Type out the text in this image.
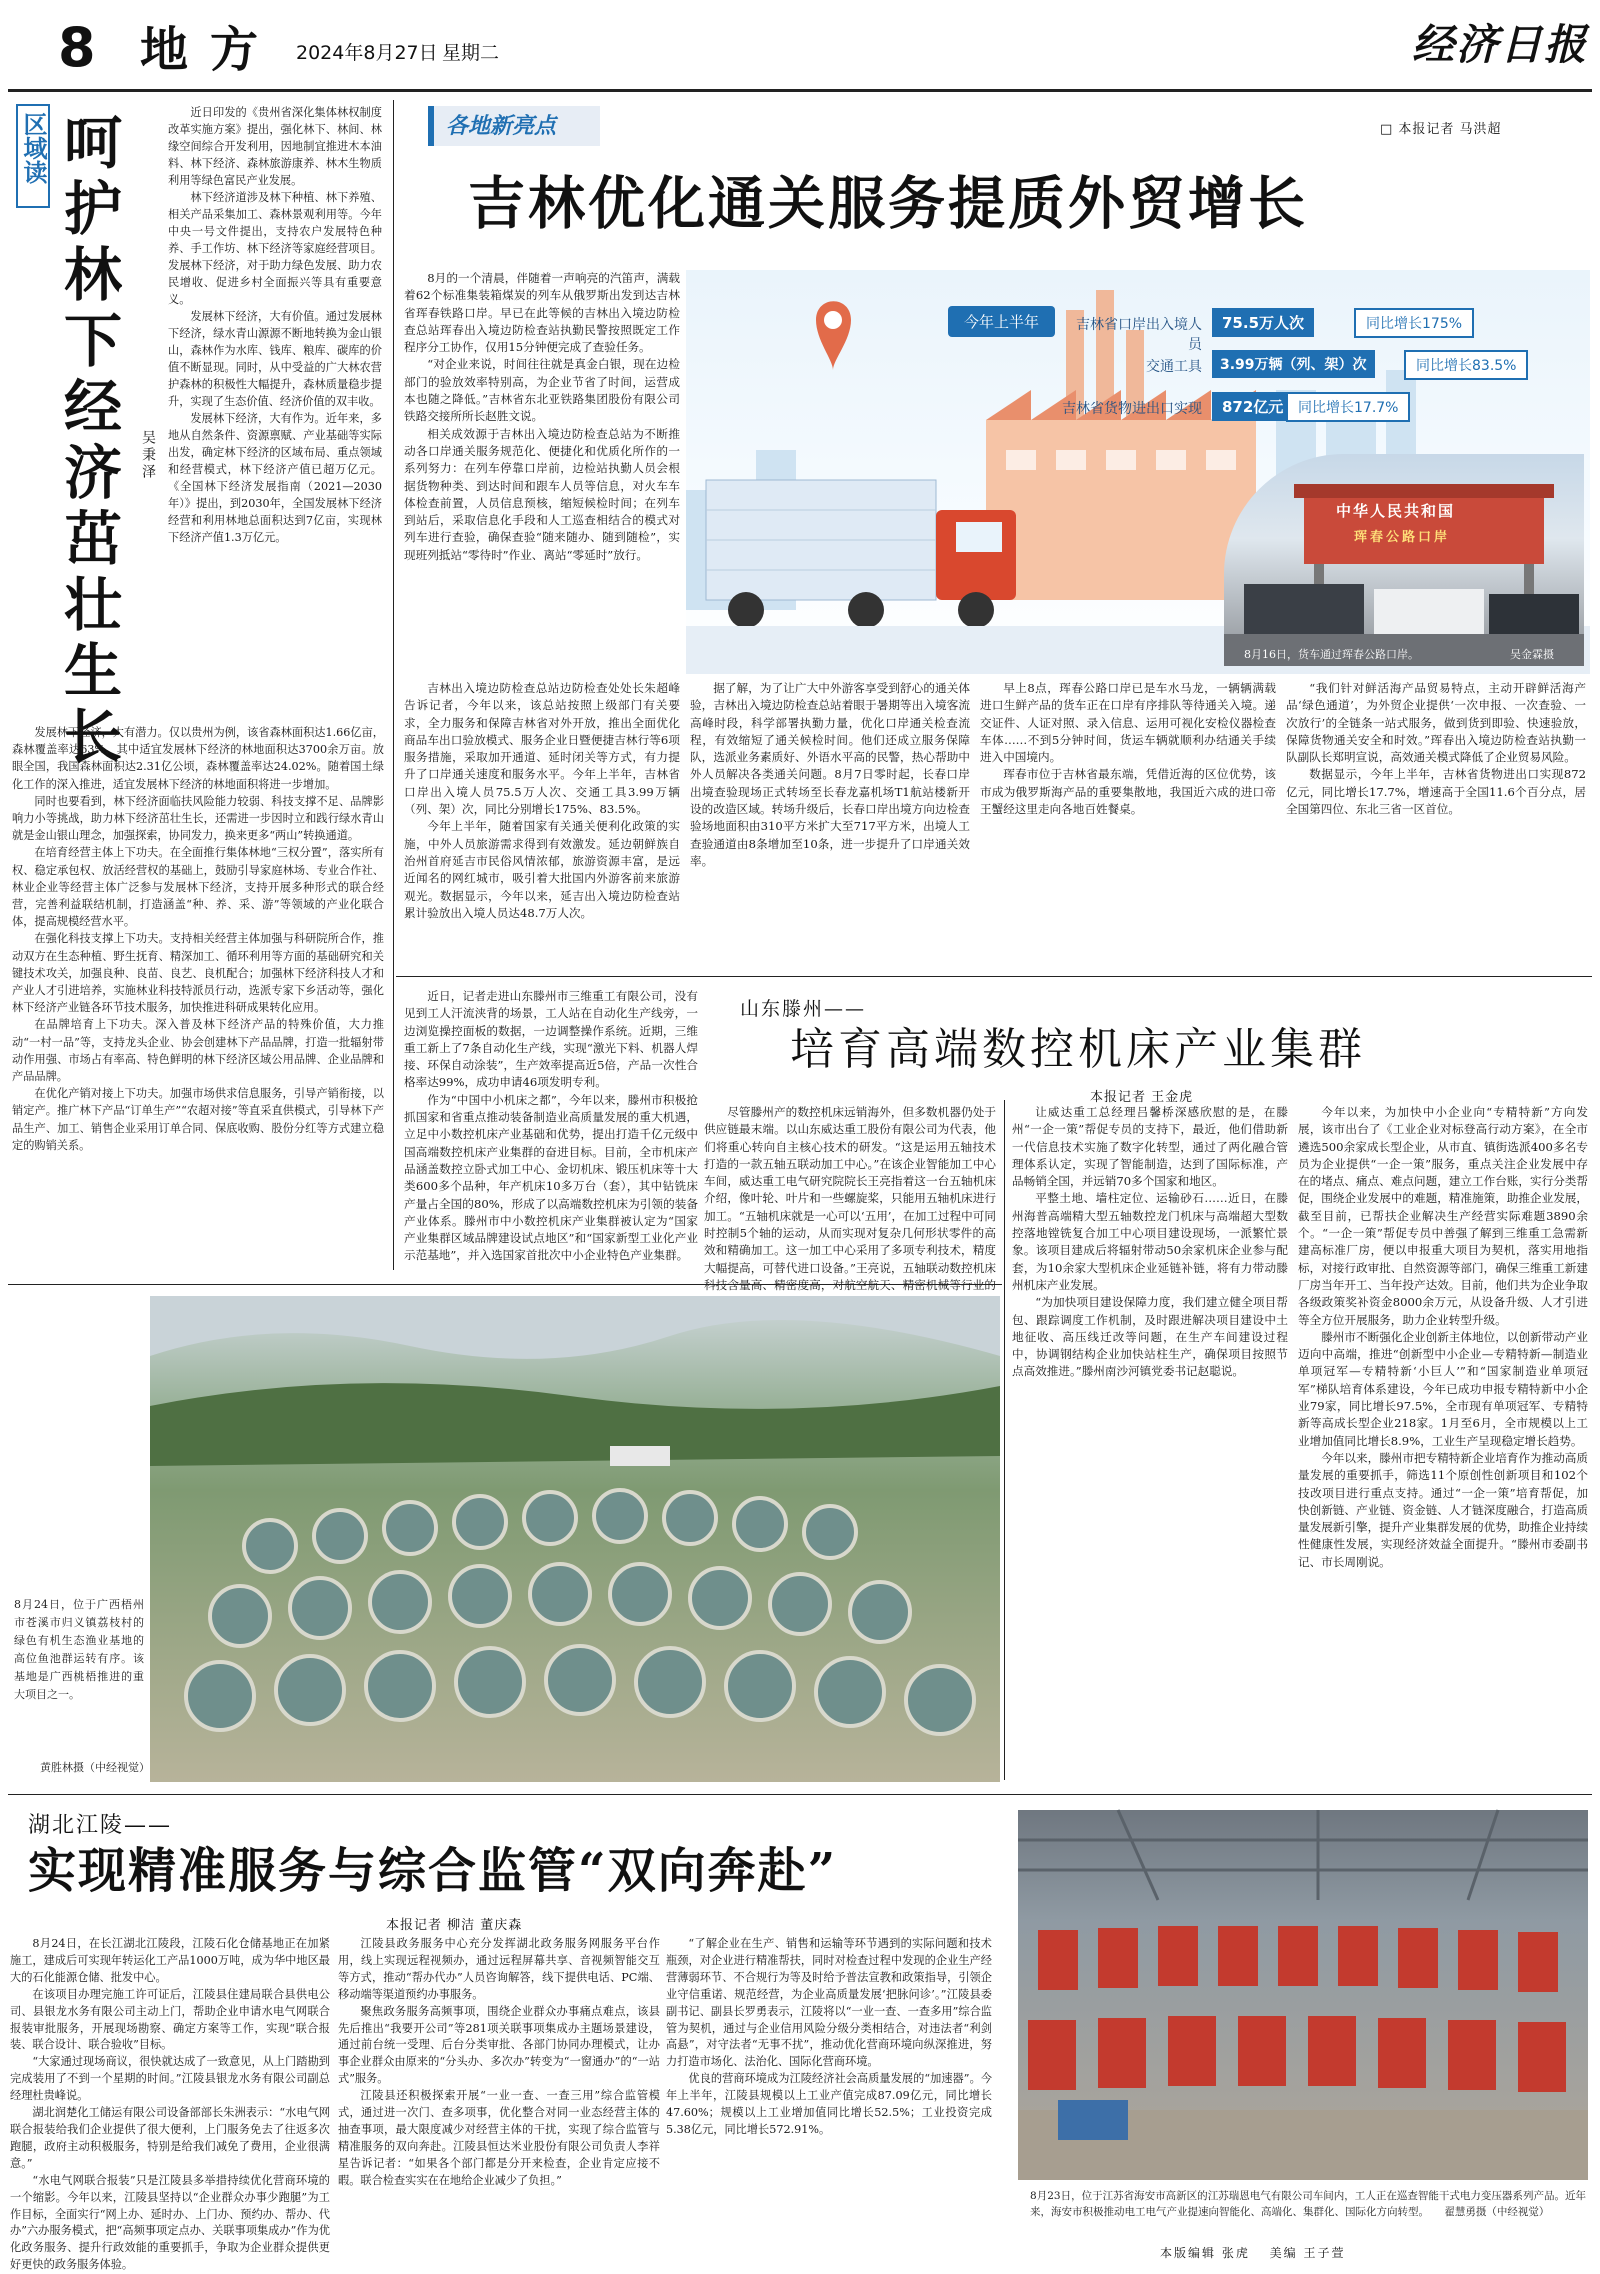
8 地方 2024年8月27日 星期二	经济日报
区域读 呵
护
林
下
经
济
茁
壮
生
长
吴秉泽

近日印发的《贵州省深化集体林权制度改革实施方案》提出，强化林下、林间、林缘空间综合开发利用，因地制宜推进木本油料、林下经济、森林旅游康养、林木生物质利用等绿色富民产业发展。

林下经济道涉及林下种植、林下养殖、相关产品采集加工、森林景观利用等。今年中央一号文件提出，支持农户发展特色种养、手工作坊、林下经济等家庭经营项目。发展林下经济，对于助力绿色发展、助力农民增收、促进乡村全面振兴等具有重要意义。

发展林下经济，大有价值。通过发展林下经济，绿水青山源源不断地转换为金山银山，森林作为水库、钱库、粮库、碳库的价值不断显现。同时，从中受益的广大林农营护森林的积极性大幅提升，森林质量稳步提升，实现了生态价值、经济价值的双丰收。

发展林下经济，大有作为。近年来，多地从自然条件、资源禀赋、产业基础等实际出发，确定林下经济的区域布局、重点领域和经营模式，林下经济产值已超万亿元。《全国林下经济发展指南（2021—2030年）》提出，到2030年，全国发展林下经济经营和利用林地总面积达到7亿亩，实现林下经济产值1.3万亿元。

发展林下经济，大有潜力。仅以贵州为例，该省森林面积达1.66亿亩，森林覆盖率达63%，其中适宜发展林下经济的林地面积达3700余万亩。放眼全国，我国森林面积达2.31亿公顷，森林覆盖率达24.02%。随着国土绿化工作的深入推进，适宜发展林下经济的林地面积将进一步增加。

同时也要看到，林下经济面临扶风险能力较弱、科技支撑不足、品牌影响力小等挑战，助力林下经济茁壮生长，还需进一步因时立和践行绿水青山就是金山银山理念，加强探索，协同发力，换来更多“两山”转换通道。

在培育经营主体上下功夫。在全面推行集体林地“三权分置”，落实所有权、稳定承包权、放活经营权的基础上，鼓励引导家庭林场、专业合作社、林业企业等经营主体广泛参与发展林下经济，支持开展多种形式的联合经营，完善利益联结机制，打造涵盖“种、养、采、游”等领域的产业化联合体，提高规模经营水平。

在强化科技支撑上下功夫。支持相关经营主体加强与科研院所合作，推动双方在生态种植、野生抚育、精深加工、循环利用等方面的基础研究和关键技术攻关，加强良种、良苗、良艺、良机配合；加强林下经济科技人才和产业人才引进培养，实施林业科技特派员行动，选派专家下乡活动等，强化林下经济产业链各环节技术服务，加快推进科研成果转化应用。

在品牌培育上下功夫。深入普及林下经济产品的特殊价值，大力推动“一村一品”等，支持龙头企业、协会创建林下产品品牌，打造一批辐射带动作用强、市场占有率高、特色鲜明的林下经济区域公用品牌、企业品牌和产品品牌。

在优化产销对接上下功夫。加强市场供求信息服务，引导产销衔接，以销定产。推广林下产品“订单生产”“农超对接”等直采直供模式，引导林下产品生产、加工、销售企业采用订单合同、保底收购、股份分红等方式建立稳定的购销关系。

各地新亮点	□ 本报记者 马洪超
吉林优化通关服务提质外贸增长

8月的一个清晨，伴随着一声响亮的汽笛声，满载着62个标准集装箱煤炭的列车从俄罗斯出发到达吉林省珲春铁路口岸。早已在此等候的吉林出入境边防检查总站珲春出入境边防检查站执勤民警按照既定工作程序分工协作，仅用15分钟便完成了查验任务。

“对企业来说，时间往往就是真金白银，现在边检部门的验放效率特别高，为企业节省了时间，运营成本也随之降低。”吉林省东北亚铁路集团股份有限公司铁路交接所所长赵胜文说。

相关成效源于吉林出入境边防检查总站为不断推动各口岸通关服务规范化、便捷化和优质化所作的一系列努力：在列车停靠口岸前，边检站执勤人员会根据货物种类、到达时间和跟车人员等信息，对火车车体检查前置，人员信息预核，缩短候检时间；在列车到站后，采取信息化手段和人工巡查相结合的模式对列车进行查验，确保查验“随来随办、随到随检”，实现班列抵站“零待时”作业、离站“零延时”放行。

今年上半年	吉林省口岸出入境人员
75.5万人次	同比增长175%
交通工具	3.99万辆（列、架）次	同比增长83.5%
吉林省货物进出口实现	872亿元	同比增长17.7%
中华人民共和国
珲春公路口岸
8月16日，货车通过珲春公路口岸。	吴金霖摄

吉林出入境边防检查总站边防检查处处长朱超峰告诉记者，今年以来，该总站按照上级部门有关要求，全力服务和保障吉林省对外开放，推出全面优化商品车出口验放模式、服务企业日暨便捷吉林行等6项服务措施，采取加开通道、延时闭关等方式，有力提升了口岸通关速度和服务水平。今年上半年，吉林省口岸出入境人员75.5万人次、交通工具3.99万辆（列、架）次，同比分别增长175%、83.5%。

今年上半年，随着国家有关通关便利化政策的实施，中外人员旅游需求得到有效激发。延边朝鲜族自治州首府延吉市民俗风情浓郁，旅游资源丰富，是远近闻名的网红城市，吸引着大批国内外游客前来旅游观光。数据显示，今年以来，延吉出入境边防检查站累计验放出入境人员达48.7万人次。

据了解，为了让广大中外游客享受到舒心的通关体验，吉林出入境边防检查总站着眼于暑期等出入境客流高峰时段，科学部署执勤力量，优化口岸通关检查流程，有效缩短了通关候检时间。他们还成立服务保障队，选派业务素质好、外语水平高的民警，热心帮助中外人员解决各类通关问题。8月7日零时起，长春口岸出境查验现场正式转场至长春龙嘉机场T1航站楼新开设的改造区域。转场升级后，长春口岸出境方向边检查验场地面积由310平方米扩大至717平方米，出境人工查验通道由8条增加至10条，进一步提升了口岸通关效率。

早上8点，珲春公路口岸已是车水马龙，一辆辆满载进口生鲜产品的货车正在口岸有序排队等待通关入境。递交证件、人证对照、录入信息、运用可视化安检仪器检查车体……不到5分钟时间，货运车辆就顺利办结通关手续进入中国境内。

珲春市位于吉林省最东端，凭借近海的区位优势，该市成为俄罗斯海产品的重要集散地，我国近六成的进口帝王蟹经这里走向各地百姓餐桌。

“我们针对鲜活海产品贸易特点，主动开辟鲜活海产品‘绿色通道’，为外贸企业提供‘一次申报、一次查验、一次放行’的全链条一站式服务，做到货到即验、快速验放，保障货物通关安全和时效。”珲春出入境边防检查站执勤一队副队长郑明宣说，高效通关模式降低了企业贸易风险。

数据显示，今年上半年，吉林省货物进出口实现872亿元，同比增长17.7%，增速高于全国11.6个百分点，居全国第四位、东北三省一区首位。

近日，记者走进山东滕州市三维重工有限公司，没有见到工人汗流浃背的场景，工人站在自动化生产线旁，一边浏览操控面板的数据，一边调整操作系统。近期，三维重工新上了7条自动化生产线，实现“激光下料、机器人焊接、环保自动涂装”，生产效率提高近5倍，产品一次性合格率达99%，成功申请46项发明专利。

作为“中国中小机床之都”，今年以来，滕州市积极抢抓国家和省重点推动装备制造业高质量发展的重大机遇，立足中小数控机床产业基础和优势，提出打造千亿元级中国高端数控机床产业集群的奋进目标。目前，全市机床产品涵盖数控立卧式加工中心、金切机床、锻压机床等十大类600多个品种，年产机床10多万台（套），其中钻铣床产量占全国的80%，形成了以高端数控机床为引领的装备产业体系。滕州市中小数控机床产业集群被认定为“国家产业集群区域品牌建设试点地区”和“国家新型工业化产业示范基地”，并入选国家首批次中小企业特色产业集群。

山东滕州——
培育高端数控机床产业集群
本报记者 王金虎

尽管滕州产的数控机床远销海外，但多数机器仍处于供应链最末端。以山东威达重工股份有限公司为代表，他们将重心转向自主核心技术的研发。“这是运用五轴技术打造的一款五轴五联动加工中心。”在该企业智能加工中心车间，威达重工电气研究院院长王亮指着这一台五轴机床介绍，像叶轮、叶片和一些螺旋桨，只能用五轴机床进行加工。“五轴机床就是一心可以‘五用’，在加工过程中可同时控制5个轴的运动，从而实现对复杂几何形状零件的高效和精确加工。这一加工中心采用了多项专利技术，精度大幅提高，可替代进口设备。”王亮说，五轴联动数控机床

让威达重工总经理吕馨桥深感欣慰的是，在滕州“一企一策”帮促专员的支持下，最近，他们借助新一代信息技术实施了数字化转型，通过了两化融合管理体系认定，实现了智能制造，达到了国际标准，产品畅销全国，并远销70多个国家和地区。

平整土地、墙柱定位、运输砂石……近日，在滕州海普高端精大型五轴数控龙门机床与高端超大型数控落地镗铣复合加工中心项目建设现场，一派繁忙景象。该项目建成后将辐射带动50余家机床企业参与配套，为10余家大型机床企业延链补链，将有力带动滕州机床产业发展。

“为加快项目建设保障力度，我们建立健全项目帮包、跟踪调度工作机制，及时跟进解决项目建设中土地征收、高压线迁改等问题，在生产车间建设过程中，协调钢结构企业加快站柱生产，确保项目按照节点高效推进。”滕州南沙河镇党委书记赵聪说。

今年以来，为加快中小企业向“专精特新”方向发展，该市出台了《工业企业对标登高行动方案》，在全市遴选500余家成长型企业，从市直、镇街选派400多名专员为企业提供“一企一策”服务，重点关注企业发展中存在的堵点、痛点、难点问题，建立工作台账，实行分类帮促，围绕企业发展中的难题，精准施策，助推企业发展，截至目前，已帮扶企业解决生产经营实际难题3890余个。“一企一策”帮促专员中善强了解到三维重工急需新建高标准厂房，便以申报重大项目为契机，落实用地指标，对接行政审批、自然资源等部门，确保三维重工新建厂房当年开工、当年投产达效。目前，他们共为企业争取各级政策奖补资金8000余万元，从设备升级、人才引进等全方位开展服务，助力企业转型升级。

滕州市不断强化企业创新主体地位，以创新带动产业迈向中高端，推进“创新型中小企业—专精特新—制造业单项冠军—专精特新‘小巨人’”和“国家制造业单项冠军”梯队培育体系建设，今年已成功申报专精特新中小企业79家，同比增长97.5%，全市现有单项冠军、专精特新等高成长型企业218家。1月至6月，全市规模以上工业增加值同比增长8.9%，工业生产呈现稳定增长趋势。

今年以来，滕州市把专精特新企业培育作为推动高质量发展的重要抓手，筛选11个原创性创新项目和102个技改项目进行重点支持。通过“一企一策”培育帮促，加快创新链、产业链、资金链、人才链深度融合，打造高质量发展新引擎，提升产业集群发展的优势，助推企业持续性健康性发展，实现经济效益全面提升。“滕州市委副书记、市长周刚说。

8月24日，位于广西梧州市苍溪市归义镇荔枝村的绿色有机生态渔业基地的高位鱼池群运转有序。该基地是广西桃梧推进的重大项目之一。
黄胜林摄（中经视觉）
湖北江陵——
实现精准服务与综合监管“双向奔赴”
本报记者 柳洁 董庆森

8月24日，在长江湖北江陵段，江陵石化仓储基地正在加紧施工，建成后可实现年转运化工产品1000万吨，成为华中地区最大的石化能源仓储、批发中心。

在该项目办理完施工许可证后，江陵县住建局联合县供电公司、县银龙水务有限公司主动上门，帮助企业申请水电气网联合报装审批服务，开展现场勘察、确定方案等工作，实现“联合报装、联合设计、联合验收”目标。

“大家通过现场商议，很快就达成了一致意见，从上门踏勘到完成装用了不到一个星期的时间。”江陵县银龙水务有限公司副总经理杜贵峰说。

湖北润楚化工储运有限公司设备部部长朱洲表示：“水电气网联合报装给我们企业提供了很大便利，上门服务免去了往返多次跑腿，政府主动积极服务，特别是给我们减免了费用，企业很满意。”

“水电气网联合报装”只是江陵县多举措持续优化营商环境的一个缩影。今年以来，江陵县坚持以“企业群众办事少跑腿”为工作目标，全面实行“网上办、延时办、上门办、预约办、帮办、代办”六办服务模式，把“高频事项定点办、关联事项集成办”作为优化政务服务、提升行政效能的重要抓手，争取为企业群众提供更好更快的政务服务体验。

江陵县政务服务中心充分发挥湖北政务服务网服务平台作用，线上实现远程视频办，通过远程屏幕共享、音视频智能交互等方式，推动“帮办代办”人员咨询解答，线下提供电话、PC端、移动端等渠道预约办事服务。

聚焦政务服务高频事项，围绕企业群众办事痛点难点，该县先后推出“我要开公司”等281项关联事项集成办主题场景建设，通过前台统一受理、后台分类审批、各部门协同办理模式，让办事企业群众由原来的“分头办、多次办”转变为“一窗通办”的“一站式”服务。

江陵县还积极探索开展“一业一查、一查三用”综合监管模式，通过进一次门、查多项事，优化整合对同一业态经营主体的抽查事项，最大限度减少对经营主体的干扰，实现了综合监管与精准服务的双向奔赴。江陵县恒达米业股份有限公司负责人李祥星告诉记者：“如果各个部门都是分开来检查，企业肯定应接不暇。联合检查实实在在地给企业减少了负担。”

“了解企业在生产、销售和运输等环节遇到的实际问题和技术瓶颈，对企业进行精准帮扶，同时对检查过程中发现的企业生产经营薄弱环节、不合规行为等及时给予普法宣教和政策指导，引领企业守信重诺、规范经营，为企业高质量发展‘把脉问诊’。”江陵县委副书记、副县长罗勇表示，江陵将以“一业一查、一查多用”综合监管为契机，通过与企业信用风险分级分类相结合，对违法者“利剑高悬”，对守法者“无事不扰”，推动优化营商环境向纵深推进，努力打造市场化、法治化、国际化营商环境。

优良的营商环境成为江陵经济社会高质量发展的“加速器”。今年上半年，江陵县规模以上工业产值完成87.09亿元，同比增长47.60%；规模以上工业增加值同比增长52.5%；工业投资完成5.38亿元，同比增长572.91%。

8月23日，位于江苏省海安市高新区的江苏瑞恩电气有限公司车间内，工人正在巡查智能干式电力变压器系列产品。近年来，海安市积极推动电工电气产业提速向智能化、高端化、集群化、国际化方向转型。 翟慧勇摄（中经视觉）
本版编辑 张虎 美编 王子萱
